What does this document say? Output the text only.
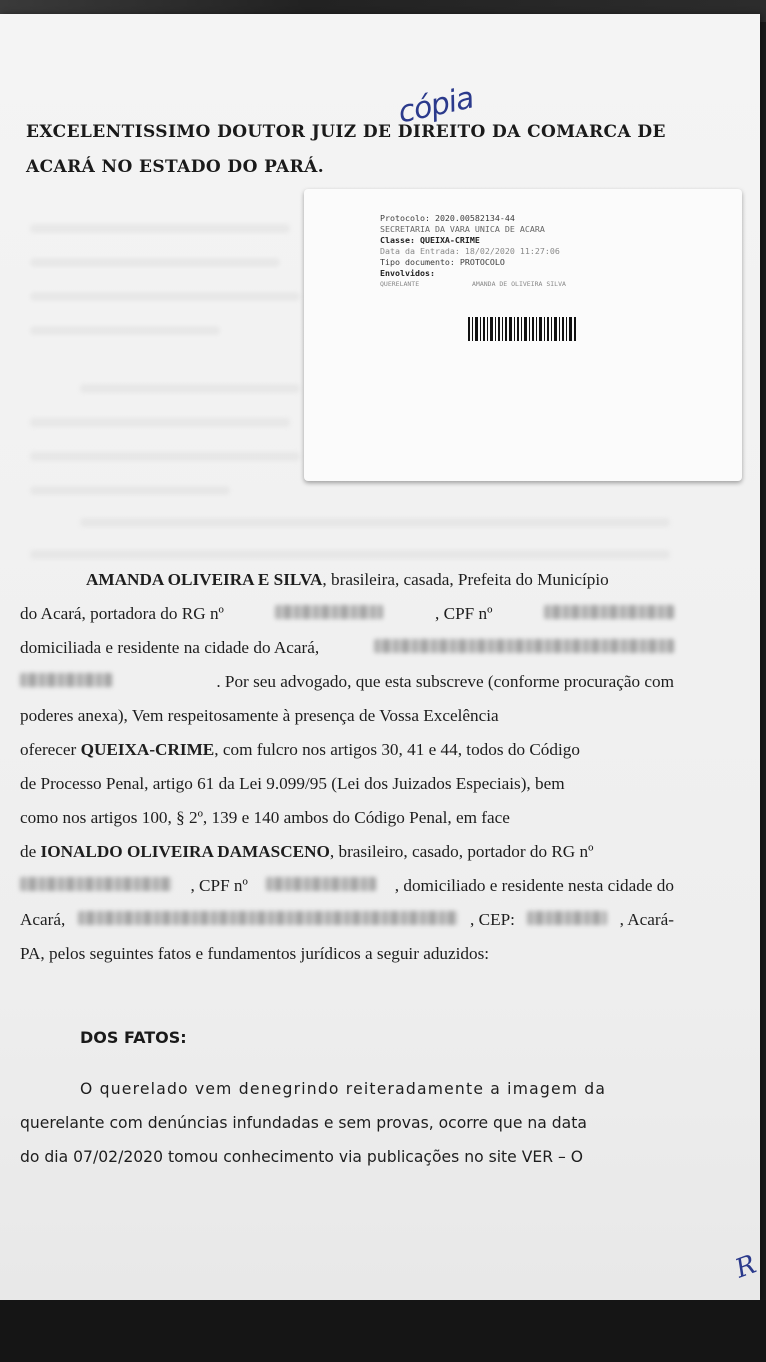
EXCELENTISSIMO DOUTOR JUIZ DE DIREITO DA COMARCA DE
ACARÁ NO ESTADO DO PARÁ.
cópia
Protocolo: 2020.00582134-44
SECRETARIA DA VARA UNICA DE ACARA
Classe: QUEIXA-CRIME
Data da Entrada: 18/02/2020 11:27:06
Tipo documento: PROTOCOLO
Envolvidos:
QUERELANTE	AMANDA DE OLIVEIRA SILVA
AMANDA OLIVEIRA E SILVA, brasileira, casada, Prefeita do Município
do Acará, portadora do RG nº	, CPF nº
domiciliada e residente na cidade do Acará,
. Por seu advogado, que esta subscreve (conforme procuração com
poderes anexa), Vem respeitosamente à presença de Vossa Excelência
oferecer
QUEIXA-CRIME , com fulcro nos artigos 30, 41 e 44, todos do Código
de Processo Penal, artigo 61 da Lei 9.099/95 (Lei dos Juizados Especiais), bem
como nos artigos 100, § 2º, 139 e 140 ambos do Código Penal, em face
de
IONALDO OLIVEIRA DAMASCENO , brasileiro, casado, portador do RG nº
, CPF nº	, domiciliado e residente nesta cidade do
Acará,	, CEP:	, Acará-
PA, pelos seguintes fatos e fundamentos jurídicos a seguir aduzidos:
DOS FATOS:
O querelado vem denegrindo reiteradamente a imagem da
querelante com denúncias infundadas e sem provas, ocorre que na data
do dia 07/02/2020 tomou conhecimento via publicações no site VER – O
R
